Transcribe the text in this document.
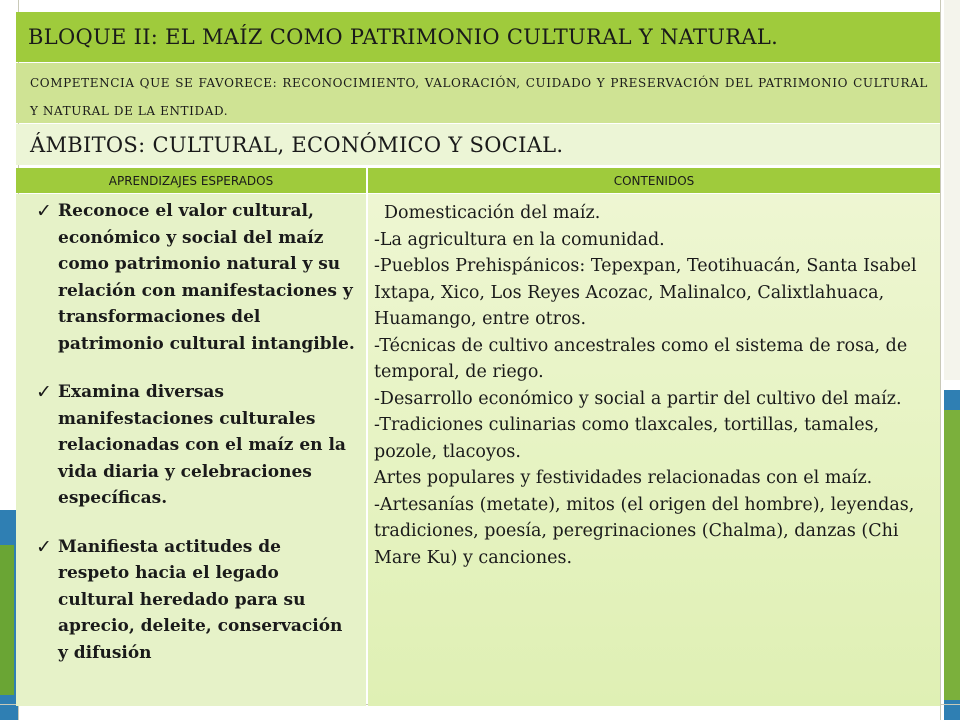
BLOQUE II: EL MAÍZ COMO PATRIMONIO CULTURAL Y NATURAL.
COMPETENCIA QUE SE FAVORECE: RECONOCIMIENTO, VALORACIÓN, CUIDADO Y PRESERVACIÓN DEL PATRIMONIO CULTURAL Y NATURAL DE LA ENTIDAD.
ÁMBITOS: CULTURAL, ECONÓMICO Y SOCIAL.
APRENDIZAJES ESPERADOS	CONTENIDOS
✓ Reconoce el valor cultural, económico y social del maíz como patrimonio natural y su relación con manifestaciones y transformaciones del patrimonio cultural intangible.
✓ Examina diversas manifestaciones culturales relacionadas con el maíz en la vida diaria y celebraciones específicas.
✓ Manifiesta actitudes de respeto hacia el legado cultural heredado para su aprecio, deleite, conservación y difusión
Domesticación del maíz.
-La agricultura en la comunidad.
-Pueblos Prehispánicos: Tepexpan, Teotihuacán, Santa Isabel Ixtapa, Xico, Los Reyes Acozac, Malinalco, Calixtlahuaca, Huamango, entre otros.
-Técnicas de cultivo ancestrales como el sistema de rosa, de temporal, de riego.
-Desarrollo económico y social a partir del cultivo del maíz.
-Tradiciones culinarias como tlaxcales, tortillas, tamales, pozole, tlacoyos.
Artes populares y festividades relacionadas con el maíz.
-Artesanías (metate), mitos (el origen del hombre), leyendas, tradiciones, poesía, peregrinaciones (Chalma), danzas (Chi Mare Ku) y canciones.
